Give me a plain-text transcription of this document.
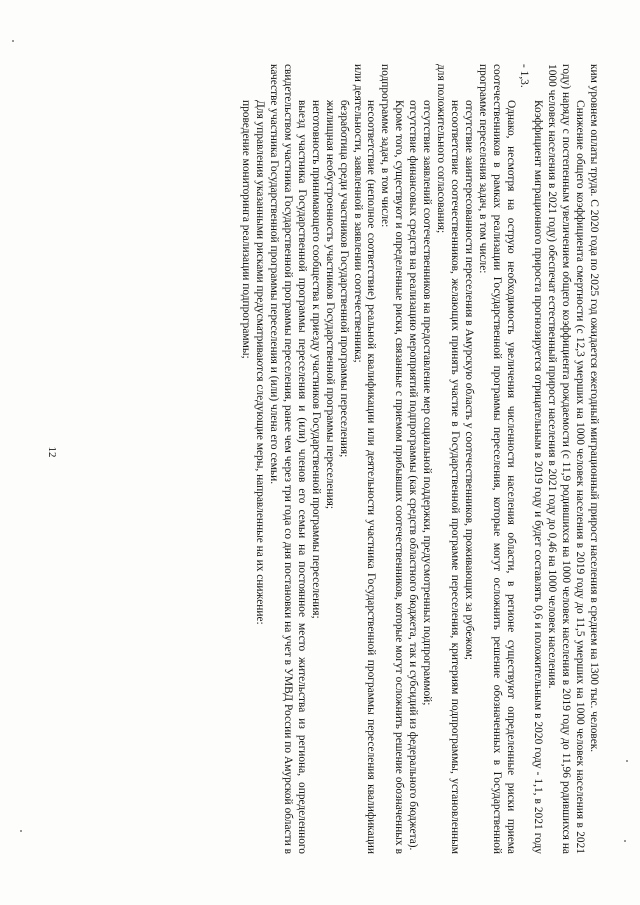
12	ким уровнем оплаты труда. С 2020 года по 2025 год ожидается ежегодный миграционный прирост населения в среднем на 1300 тыс. человек.

Снижение общего коэффициента смертности (с 12,3 умерших на 1000 человек населения в 2019 году до 11,5 умерших на 1000 человек населения в 2021 году) наряду с постепенным увеличением общего коэффициента рождаемости (с 11,9 родившихся на 1000 человек населения в 2019 году до 11,96 родившихся на 1000 человек населения в 2021 году) обеспечат естественный прирост населения в 2021 году до 0,46 на 1000 человек населения.

Коэффициент миграционного прироста прогнозируется отрицательным в 2019 году и будет составлять 0,6 и положительным в 2020 году - 1,1, в 2021 году - 1,3.

Однако, несмотря на острую необходимость увеличения численности населения области, в регионе существуют определенные риски приема соотечественников в рамках реализации Государственной программы переселения, которые могут осложнить решение обозначенных в Государственной программе переселения задач, в том числе:

отсутствие заинтересованности переселения в Амурскую область у соотечественников, проживающих за рубежом;

несоответствие соотечественников, желающих принять участие в Государственной программе переселения, критериям подпрограммы, установленным для положительного согласования;

отсутствие заявлений соотечественников на предоставление мер социальной поддержки, предусмотренных подпрограммой;

отсутствие финансовых средств на реализацию мероприятий подпрограммы (как средств областного бюджета, так и субсидий из федерального бюджета).

Кроме того, существуют и определенные риски, связанные с приемом прибывших соотечественников, которые могут осложнить решение обозначенных в подпрограмме задач, в том числе:

несоответствие (неполное соответствие) реальной квалификации или деятельности участника Государственной программы переселения квалификации или деятельности, заявленной в заявлении соотечественника;

безработица среди участников Государственной программы переселения;

жилищная необустроенность участников Государственной программы переселения;

неготовность принимающего сообщества к приезду участников Государственной программы переселения;

выезд участника Государственной программы переселения и (или) членов его семьи на постоянное место жительства из региона, определенного свидетельством участника Государственной программы переселения, ранее чем через три года со дня постановки на учет в УМВД России по Амурской области в качестве участника Государственной программы переселения и (или) члена его семьи.

Для управления указанными рисками предусматриваются следующие меры, направленные на их снижение:

проведение мониторинга реализации подпрограммы;
